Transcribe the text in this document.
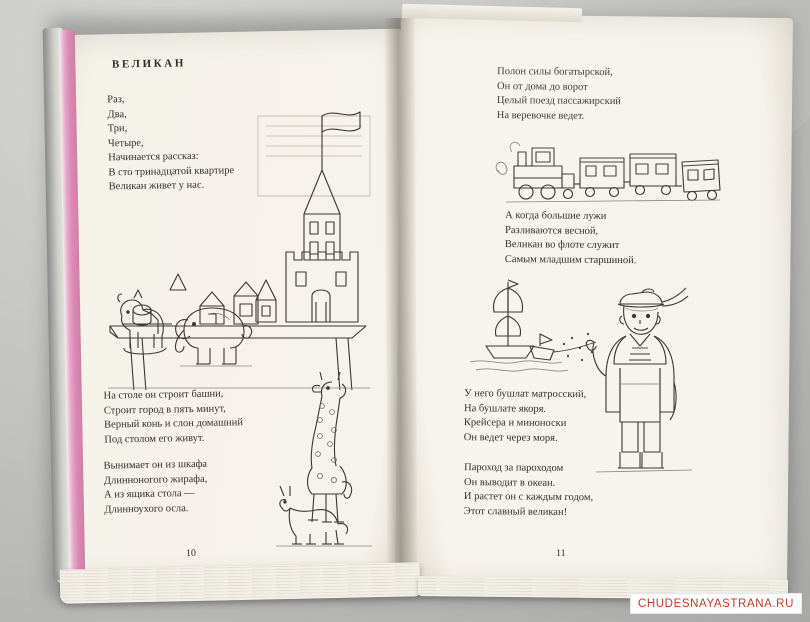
ВЕЛИКАН
Раз,
Два,
Три,
Четыре,
Начинается рассказ:
В сто тринадцатой квартире
Великан живет у нас.
На столе он строит башни,
Строит город в пять минут,
Верный конь и слон домашний
Под столом его живут.
Вынимает он из шкафа
Длинноногого жирафа,
А из ящика стола —
Длинноухого осла.
10
Полон силы богатырской,
Он от дома до ворот
Целый поезд пассажирский
На веревочке ведет.
А когда большие лужи
Разливаются весной,
Великан во флоте служит
Самым младшим старшиной.
У него бушлат матросский,
На бушлате якоря.
Крейсера и миноноски
Он ведет через моря.
Пароход за пароходом
Он выводит в океан.
И растет он с каждым годом,
Этот славный великан!
11
CHUDESNAYASTRANA.RU
